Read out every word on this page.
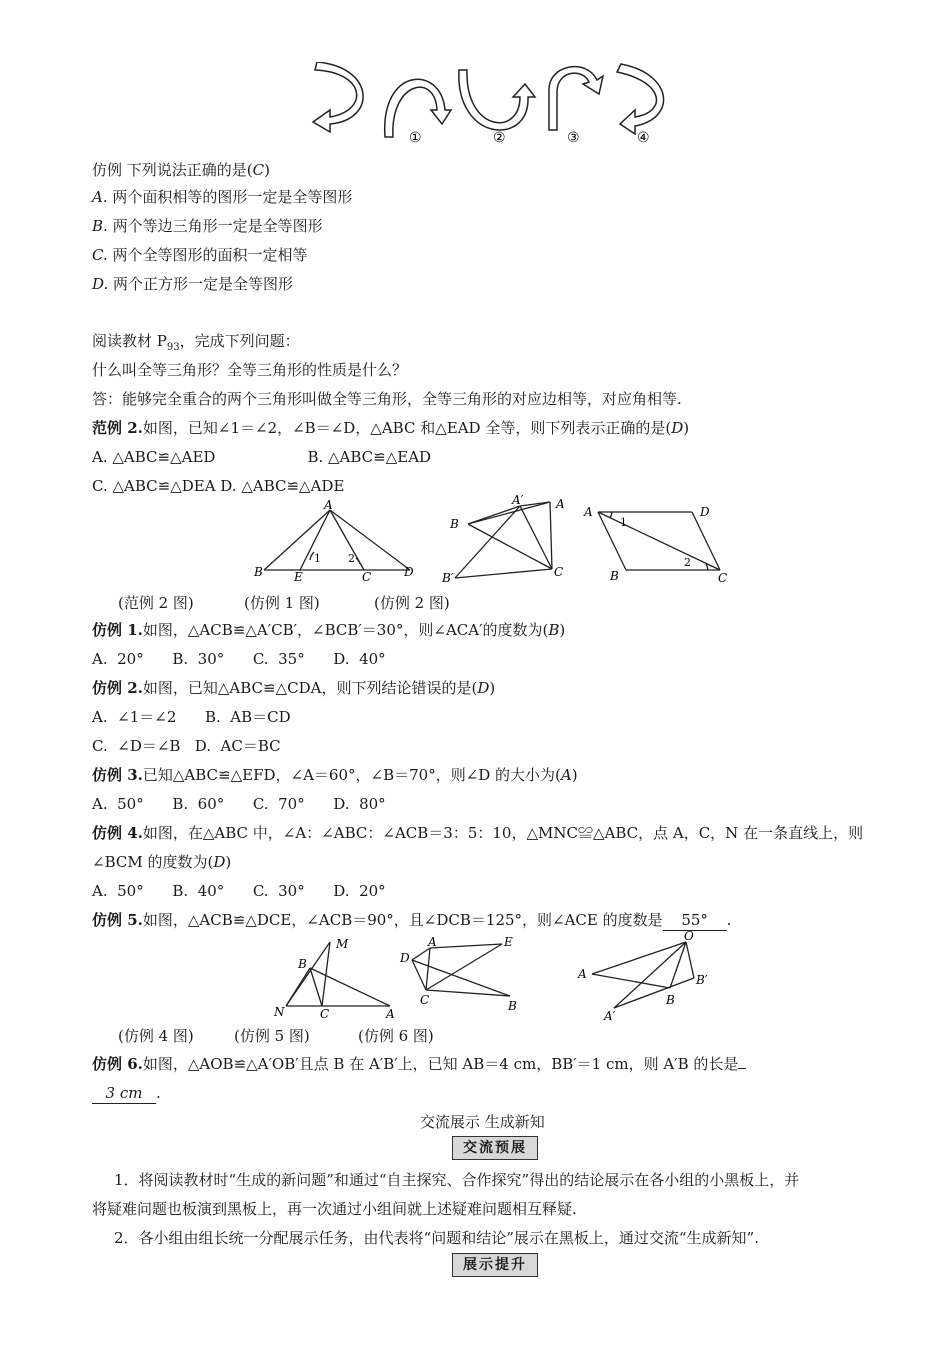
①	②	③	④
仿例 下列说法正确的是(C)
A. 两个面积相等的图形一定是全等图形
B. 两个等边三角形一定是全等图形
C. 两个全等图形的面积一定相等
D. 两个正方形一定是全等图形
阅读教材 $P_{93}$，完成下列问题：
什么叫全等三角形？全等三角形的性质是什么？
答：能够完全重合的两个三角形叫做全等三角形，全等三角形的对应边相等，对应角相等.
范例 2.如图，已知∠1＝∠2，∠B＝∠D，△ABC 和△EAD 全等，则下列表示正确的是(D)
A. △ABC≌△AED	B. △ABC≌△EAD
C. △ABC≌△DEA D. △ABC≌△ADE
A
B	E	C	D
1 2
A′	A
B
B′	C
A	D
1
2
B	C
(范例 2 图)	(仿例 1 图)	(仿例 2 图)
仿例 1.如图，△ACB≌△A′CB′，∠BCB′＝30°，则∠ACA′的度数为(B)
A.  20°      B.  30°      C.  35°      D.  40°
仿例 2.如图，已知△ABC≌△CDA，则下列结论错误的是(D)
A.  ∠1＝∠2      B.  AB＝CD
C.  ∠D＝∠B   D.  AC＝BC
仿例 3.已知△ABC≌△EFD，∠A＝60°，∠B＝70°，则∠D 的大小为(A)
A.  50°      B.  60°      C.  70°      D.  80°
仿例 4.如图，在△ABC 中，∠A：∠ABC：∠ACB＝3：5：10，△MNC≌△ABC，点 A，C，N 在一条直线上，则
∠BCM 的度数为(D)
A.  50°      B.  40°      C.  30°      D.  20°
仿例 5.如图，△ACB≌△DCE，∠ACB＝90°，且∠DCB＝125°，则∠ACE 的度数是 55° .
M
B
N	C	A
A	E
D
C	B
O
A	B′
B
A′
(仿例 4 图)	(仿例 5 图)	(仿例 6 图)
仿例 6.如图，△AOB≌△A′OB′且点 B 在 A′B′上，已知 AB＝4 cm，BB′＝1 cm，则 A′B 的长是
3 cm .
交流展示 生成新知
交流预展
1．将阅读教材时“生成的新问题”和通过“自主探究、合作探究”得出的结论展示在各小组的小黑板上，并
将疑难问题也板演到黑板上，再一次通过小组间就上述疑难问题相互释疑.
2．各小组由组长统一分配展示任务，由代表将“问题和结论”展示在黑板上，通过交流“生成新知”.
展示提升
